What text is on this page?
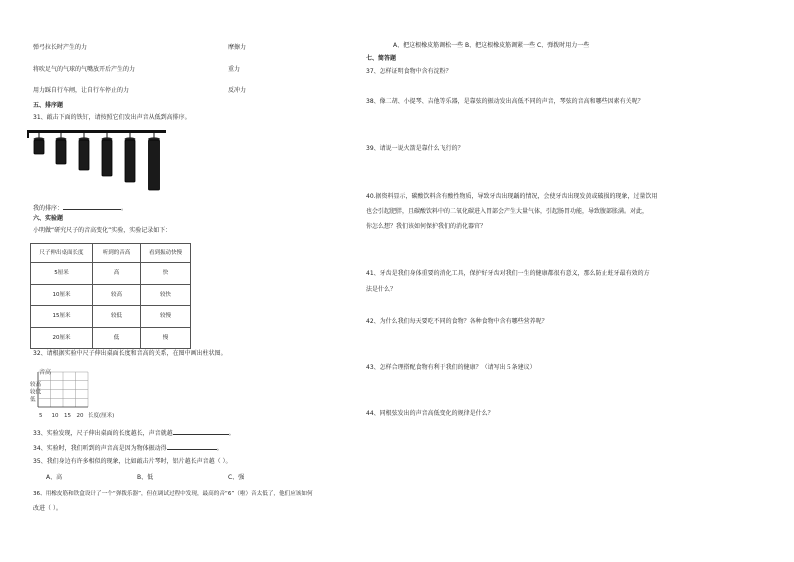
弹弓拉长时产生的力	摩擦力
将吹足气的气球的气嘴放开后产生的力	重力
用力踩自行车闸，让自行车停止的力	反冲力
五、排序题
31、敲击下面的铁钉，请按照它们发出声音从低到高排序。
我的排序：	。
六、实验题
小明做“研究尺子的音高变化”实验，实验记录如下：
尺子伸出桌面长度	听到的音高	看到振动快慢
5厘米	高	快
10厘米	较高	较快
15厘米	较低	较慢
20厘米	低	慢
32、请根据实验中尺子伸出桌面长度和音高的关系，在图中画出柱状图。
较高
较低
低
5 10 15 20
音高
长度(厘米)
33、实验发现，尺子伸出桌面的长度越长，声音就越	。
34、实验时，我们听到的声音高是因为物体振动得	。
35、我们身边有许多相似的现象，比如敲击片琴时，铝片越长声音越（ ）。
A、高	B、低	C、强
36、用橡皮筋和铁盒设计了一个“弹拨乐器”，但在调试过程中发现，最高的音“6”（啦）音太低了，他们应该如何
改进（ ）。
A、把这根橡皮筋调松一些 B、把这根橡皮筋调紧一些 C、弹拨时用力一些
七、简答题
37、怎样证明食物中含有淀粉？
38、像二胡、小提琴、吉他等乐器，是靠弦的振动发出高低不同的声音，琴弦的音高和哪些因素有关呢？
39、请说一说火箭是靠什么飞行的？
40.据资料显示，碳酸饮料含有酸性物质，导致牙齿出现龋的情况，会使牙齿出现发黄或破损的现象，过量饮用
也会引起肥胖，且碳酸饮料中的二氧化碳进入胃部会产生大量气体，引起肠胃功能，导致腹部胀满。对此，
你怎么想？我们该如何保护我们的消化器官？
41、牙齿是我们身体重要的消化工具，保护好牙齿对我们一生的健康都很有意义，那么防止蛀牙最有效的方
法是什么？
42、为什么我们每天要吃不同的食物？各种食物中含有哪些营养呢？
43、怎样合理搭配食物有利于我们的健康？（请写出５条建议）
44、同根弦发出的声音高低变化的规律是什么？
